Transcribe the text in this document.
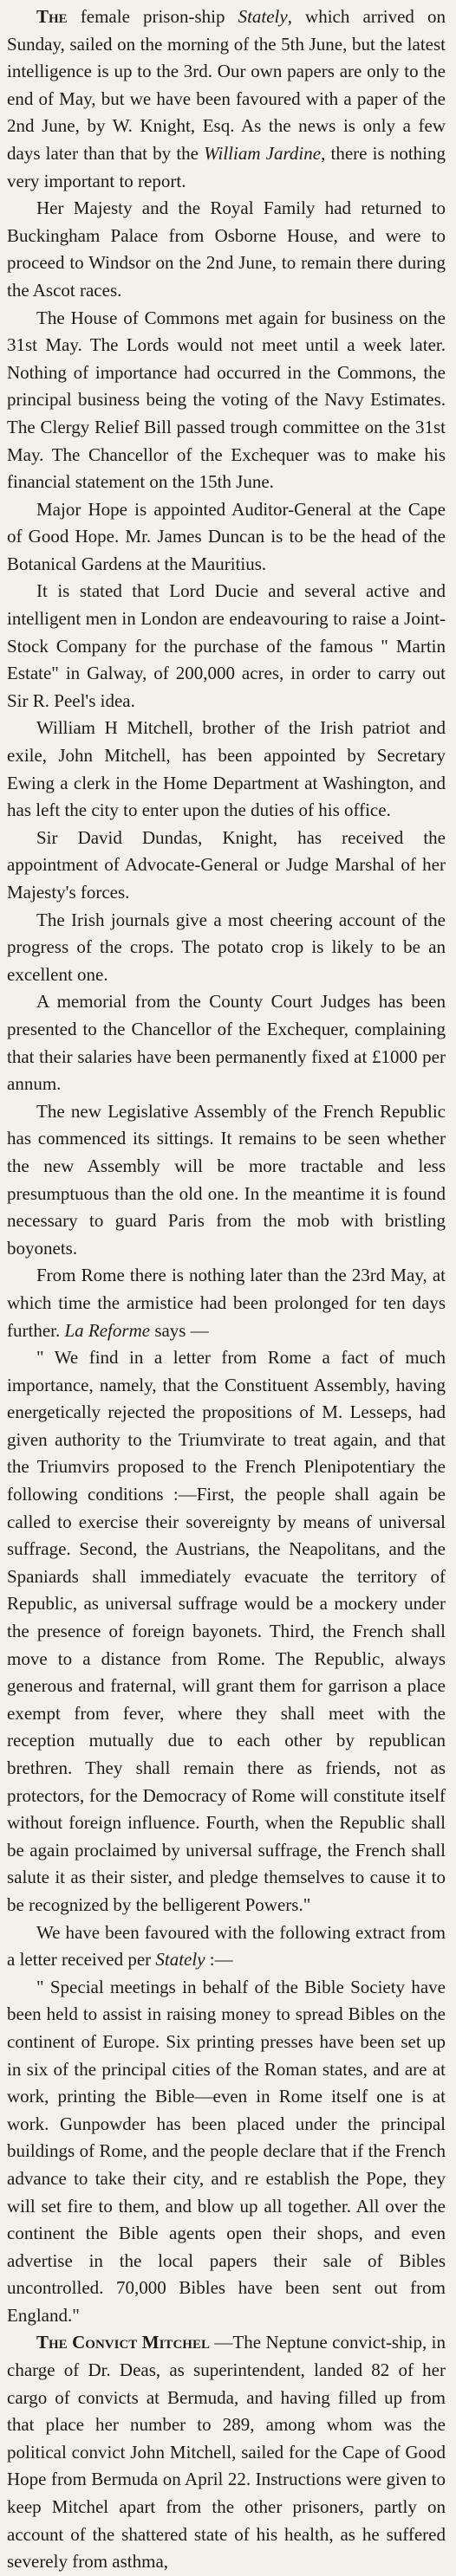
The female prison-ship Stately, which arrived on Sunday, sailed on the morning of the 5th June, but the latest intelligence is up to the 3rd. Our own papers are only to the end of May, but we have been favoured with a paper of the 2nd June, by W. Knight, Esq. As the news is only a few days later than that by the William Jardine, there is nothing very important to report.

Her Majesty and the Royal Family had returned to Buckingham Palace from Osborne House, and were to proceed to Windsor on the 2nd June, to remain there during the Ascot races.

The House of Commons met again for business on the 31st May. The Lords would not meet until a week later. Nothing of importance had occurred in the Commons, the principal business being the voting of the Navy Estimates. The Clergy Relief Bill passed trough committee on the 31st May. The Chancellor of the Exchequer was to make his financial statement on the 15th June.

Major Hope is appointed Auditor-General at the Cape of Good Hope. Mr. James Duncan is to be the head of the Botanical Gardens at the Mauritius.

It is stated that Lord Ducie and several active and intelligent men in London are endeavouring to raise a Joint-Stock Company for the purchase of the famous " Martin Estate" in Galway, of 200,000 acres, in order to carry out Sir R. Peel's idea.

William H Mitchell, brother of the Irish patriot and exile, John Mitchell, has been appointed by Secretary Ewing a clerk in the Home Department at Washington, and has left the city to enter upon the duties of his office.

Sir David Dundas, Knight, has received the appointment of Advocate-General or Judge Marshal of her Majesty's forces.

The Irish journals give a most cheering account of the progress of the crops. The potato crop is likely to be an excellent one.

A memorial from the County Court Judges has been presented to the Chancellor of the Exchequer, complaining that their salaries have been permanently fixed at £1000 per annum.

The new Legislative Assembly of the French Republic has commenced its sittings. It remains to be seen whether the new Assembly will be more tractable and less presumptuous than the old one. In the meantime it is found necessary to guard Paris from the mob with bristling boyonets.

From Rome there is nothing later than the 23rd May, at which time the armistice had been prolonged for ten days further. La Reforme says —

" We find in a letter from Rome a fact of much importance, namely, that the Constituent Assembly, having energetically rejected the propositions of M. Lesseps, had given authority to the Triumvirate to treat again, and that the Triumvirs proposed to the French Plenipotentiary the following conditions :—First, the people shall again be called to exercise their sovereignty by means of universal suffrage. Second, the Austrians, the Neapolitans, and the Spaniards shall immediately evacuate the territory of Republic, as universal suffrage would be a mockery under the presence of foreign bayonets. Third, the French shall move to a distance from Rome. The Republic, always generous and fraternal, will grant them for garrison a place exempt from fever, where they shall meet with the reception mutually due to each other by republican brethren. They shall remain there as friends, not as protectors, for the Democracy of Rome will constitute itself without foreign influence. Fourth, when the Republic shall be again proclaimed by universal suffrage, the French shall salute it as their sister, and pledge themselves to cause it to be recognized by the belligerent Powers."

We have been favoured with the following extract from a letter received per Stately :—

" Special meetings in behalf of the Bible Society have been held to assist in raising money to spread Bibles on the continent of Europe. Six printing presses have been set up in six of the principal cities of the Roman states, and are at work, printing the Bible—even in Rome itself one is at work. Gunpowder has been placed under the principal buildings of Rome, and the people declare that if the French advance to take their city, and re establish the Pope, they will set fire to them, and blow up all together. All over the continent the Bible agents open their shops, and even advertise in the local papers their sale of Bibles uncontrolled. 70,000 Bibles have been sent out from England."

The Convict Mitchel —The Neptune convict-ship, in charge of Dr. Deas, as superintendent, landed 82 of her cargo of convicts at Bermuda, and having filled up from that place her number to 289, among whom was the political convict John Mitchell, sailed for the Cape of Good Hope from Bermuda on April 22. Instructions were given to keep Mitchel apart from the other prisoners, partly on account of the shattered state of his health, as he suffered severely from asthma,
